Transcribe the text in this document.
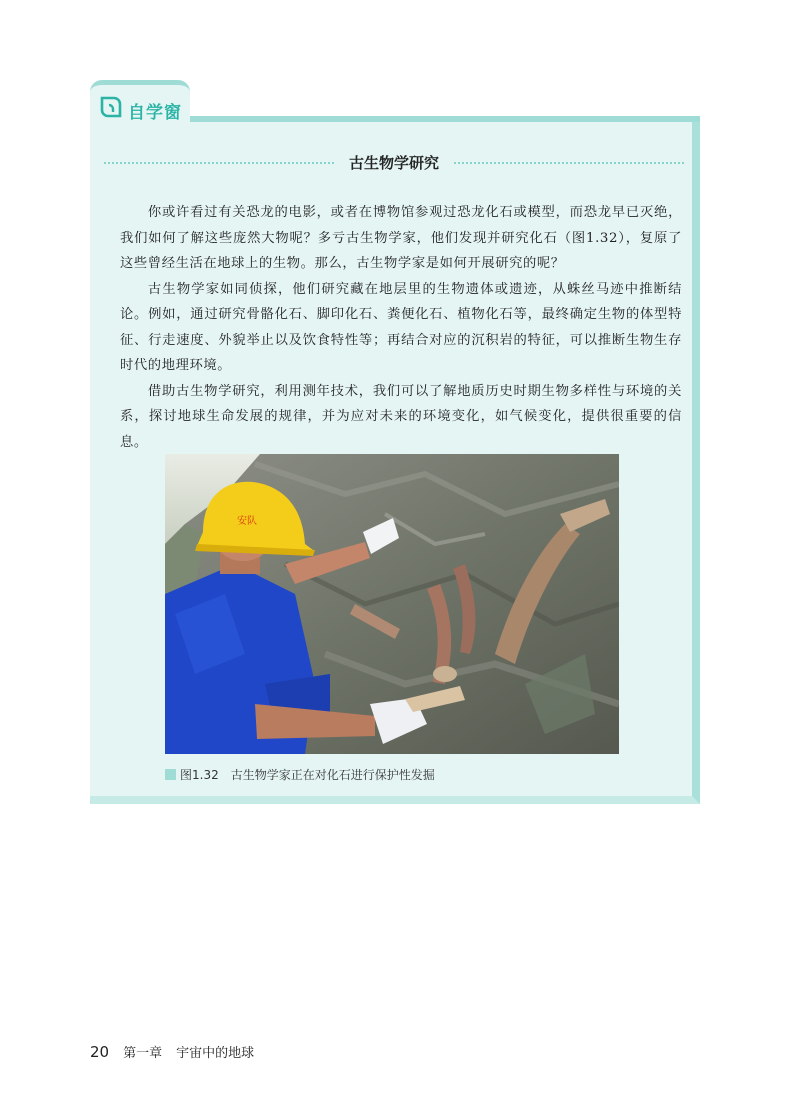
自学窗
古生物学研究

你或许看过有关恐龙的电影，或者在博物馆参观过恐龙化石或模型，而恐龙早已灭绝，我们如何了解这些庞然大物呢？多亏古生物学家，他们发现并研究化石（图1.32），复原了这些曾经生活在地球上的生物。那么，古生物学家是如何开展研究的呢？

古生物学家如同侦探，他们研究藏在地层里的生物遗体或遗迹，从蛛丝马迹中推断结论。例如，通过研究骨骼化石、脚印化石、粪便化石、植物化石等，最终确定生物的体型特征、行走速度、外貌举止以及饮食特性等；再结合对应的沉积岩的特征，可以推断生物生存时代的地理环境。

借助古生物学研究，利用测年技术，我们可以了解地质历史时期生物多样性与环境的关系，探讨地球生命发展的规律，并为应对未来的环境变化，如气候变化，提供很重要的信息。

安队
图1.32　古生物学家正在对化石进行保护性发掘
20 第一章 宇宙中的地球
